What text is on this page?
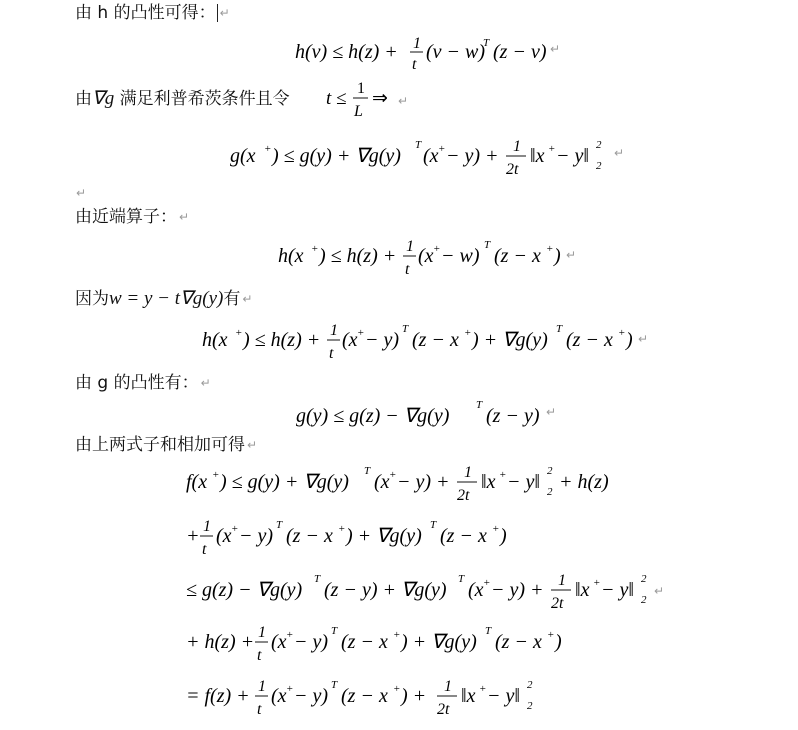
由 h 的凸性可得： ↵
h(v) ≤ h(z) + 1
t
(v − w)
T (z − v) ↵
由∇g 满足利普希茨条件且令 t ≤ 1
L
⇒ ↵
g(x + ) ≤ g(y) + ∇g(y) T (x + − y) + 1
2t
‖x + − y‖ 2
2
↵
↵
由近端算子： ↵
h(x + ) ≤ h(z) + 1
t
(x + − w) T (z − x + ) ↵
因为w = y − t∇g(y)有 ↵
h(x + ) ≤ h(z) + 1
t
(x + − y) T (z − x + ) + ∇g(y) T (z − x + ) ↵
由 g 的凸性有： ↵
g(y) ≤ g(z) − ∇g(y) T (z − y) ↵
由上两式子和相加可得 ↵
f(x + ) ≤ g(y) + ∇g(y) T (x + − y) + 1
2t
‖x + − y‖ 2
2 + h(z)
+ 1
t
(x + − y) T (z − x + ) + ∇g(y) T (z − x + )
≤ g(z) − ∇g(y) T (z − y) + ∇g(y) T (x + − y) + 1
2t
‖x + − y‖ 2
2
↵
+ h(z) + 1
t
(x + − y) T (z − x + ) + ∇g(y) T (z − x + )
= f(z) + 1
t
(x + − y) T (z − x + ) + 1
2t
‖x + − y‖ 2
2
